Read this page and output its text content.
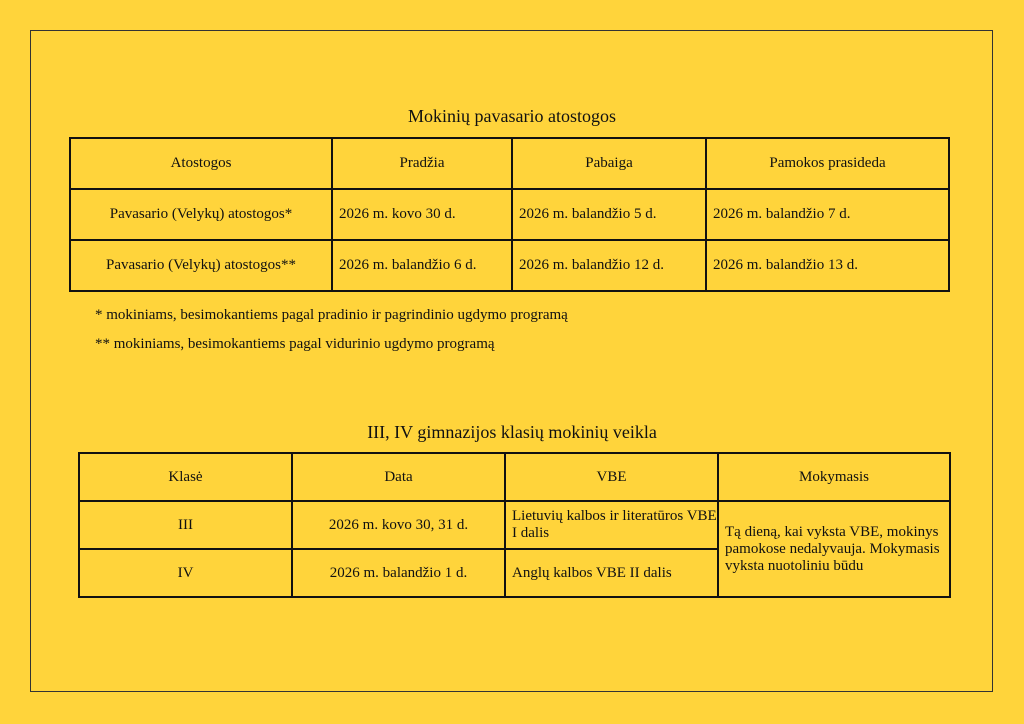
Mokinių pavasario atostogos
Atostogos	Pradžia	Pabaiga	Pamokos prasideda
Pavasario (Velykų) atostogos*	2026 m. kovo 30 d.	2026 m. balandžio 5 d.	2026 m. balandžio 7 d.
Pavasario (Velykų) atostogos**	2026 m. balandžio 6 d.	2026 m. balandžio 12 d.	2026 m. balandžio 13 d.
* mokiniams, besimokantiems pagal pradinio ir pagrindinio ugdymo programą
** mokiniams, besimokantiems pagal vidurinio ugdymo programą
III, IV gimnazijos klasių mokinių veikla
Klasė	Data	VBE	Mokymasis
III	2026 m. kovo 30, 31 d.	Lietuvių kalbos ir literatūros VBE I dalis	Tą dieną, kai vyksta VBE, mokinys pamokose nedalyvauja. Mokymasis vyksta nuotoliniu būdu
IV	2026 m. balandžio 1 d.	Anglų kalbos VBE II dalis	
